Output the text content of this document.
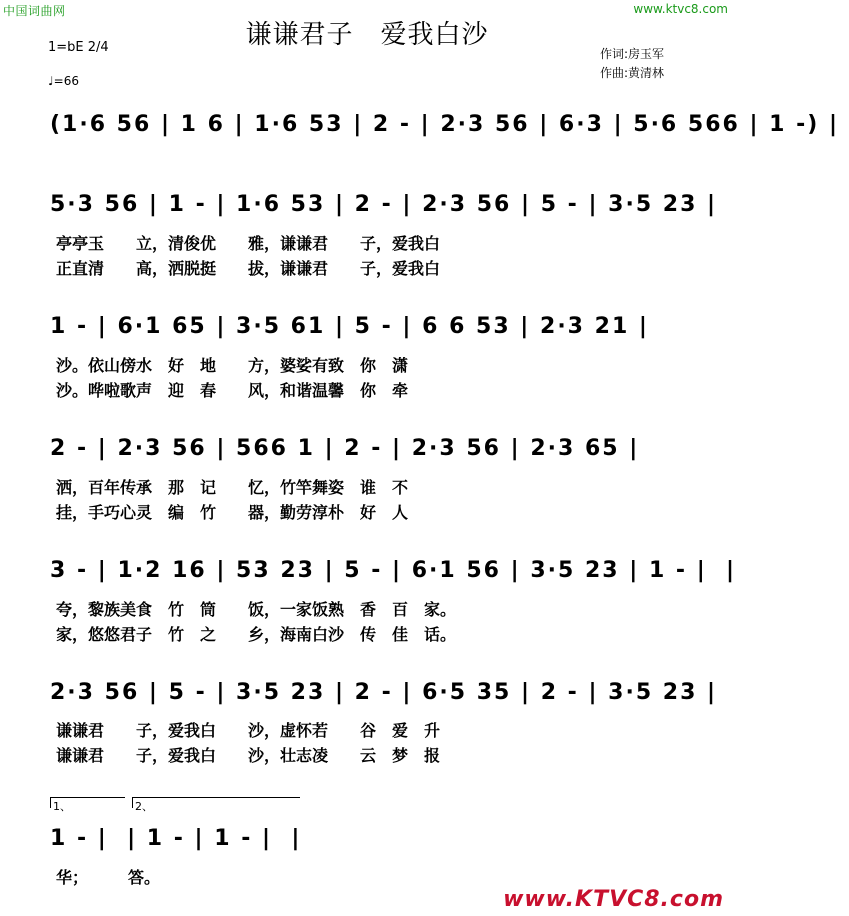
中国词曲网	www.ktvc8.com
谦谦君子　爱我白沙
作词:房玉军
作曲:黄清林
1=bE 2/4
♩=66
(1·6 56 | 1 6 | 1·6 53 | 2 - | 2·3 56 | 6·3 | 5·6 566 | 1 -) |
5·3 56 | 1 - | 1·6 53 | 2 - | 2·3 56 | 5 - | 3·5 23 |
1 - | 6·1 65 | 3·5 61 | 5 - | 6 6 53 | 2·3 21 |
2 - | 2·3 56 | 566 1 | 2 - | 2·3 56 | 2·3 65 |
3 - | 1·2 16 | 53 23 | 5 - | 6·1 56 | 3·5 23 | 1 - |  |
2·3 56 | 5 - | 3·5 23 | 2 - | 6·5 35 | 2 - | 3·5 23 |
1 - |  | 1 - | 1 - |  |
亭亭玉　　立，清俊优　　雅，谦谦君　　子，爱我白
正直清　　高，洒脱挺　　拔，谦谦君　　子，爱我白
沙。依山傍水　好　地　　方，婆娑有致　你　潇
沙。哗啦歌声　迎　春　　风，和谐温馨　你　牵
洒，百年传承　那　记　　忆，竹竿舞姿　谁　不
挂，手巧心灵　编　竹　　器，勤劳淳朴　好　人
夸，黎族美食　竹　筒　　饭，一家饭熟　香　百　家。
家，悠悠君子　竹　之　　乡，海南白沙　传　佳　话。
谦谦君　　子，爱我白　　沙，虚怀若　　谷　爱　升
谦谦君　　子，爱我白　　沙，壮志凌　　云　梦　报
华；　　　答。
1、	2、
www.KTVC8.com
